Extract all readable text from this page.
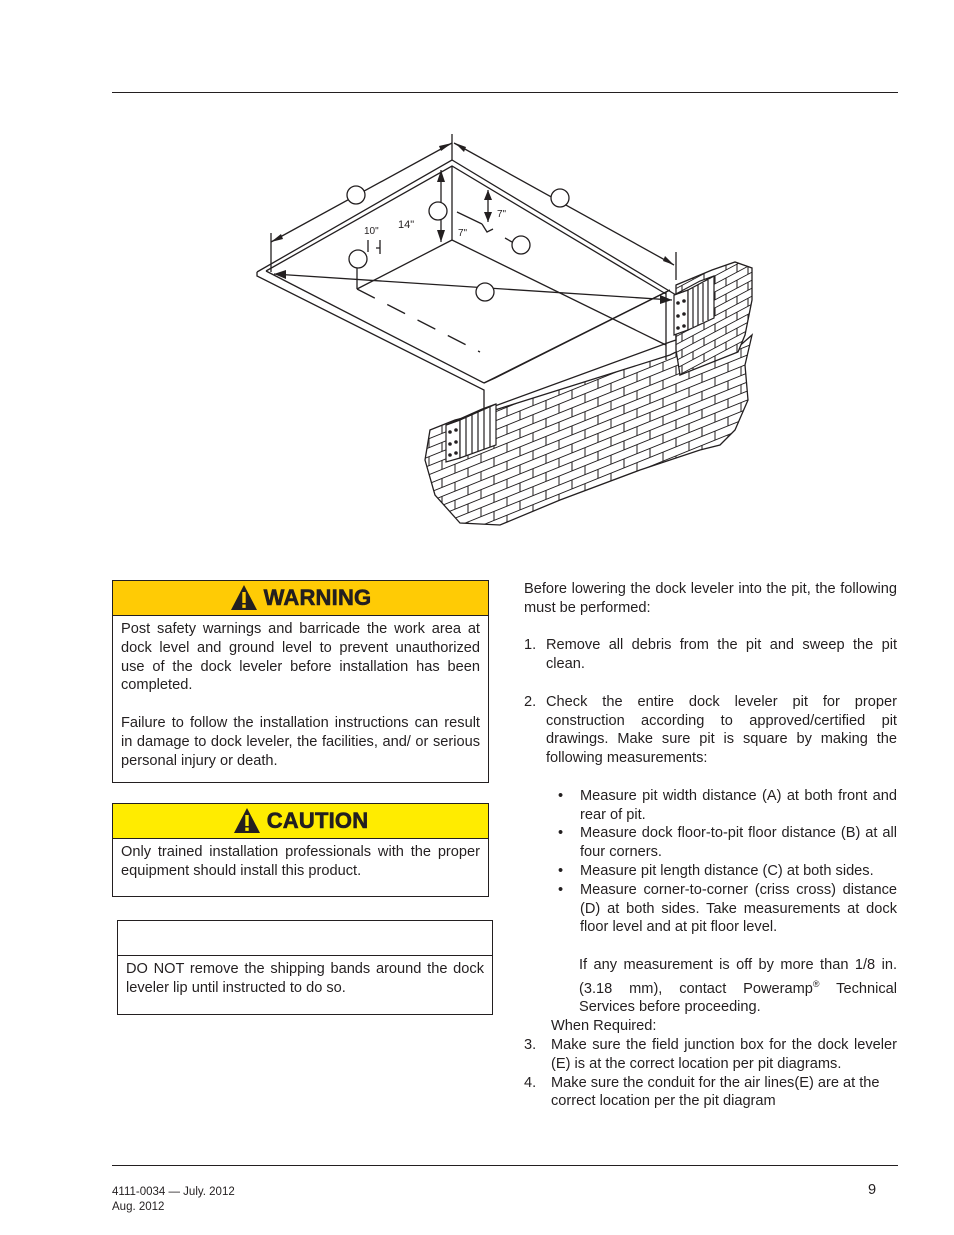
7"
7"
10"
14"
WARNING

Post safety warnings and barricade the work area at dock level and ground level to prevent unauthorized use of the dock leveler before installation has been completed.

Failure to follow the installation instructions can result in damage to dock leveler, the facilities, and/ or serious personal injury or death.

CAUTION

Only trained installation professionals with the proper equipment should install this product.

DO NOT remove the shipping bands around the dock leveler lip until instructed to do so.

Before lowering the dock leveler into the pit, the following must be performed:

1. Remove all debris from the pit and sweep the pit clean.
2. Check the entire dock leveler pit for proper construction according to approved/certified pit drawings. Make sure pit is square by making the following measurements:
•	Measure pit width distance (A) at both front and rear of pit.
•	Measure dock floor-to-pit floor distance (B) at all four corners.
•	Measure pit length distance (C) at both sides.
•	Measure corner-to-corner (criss cross) distance (D) at both sides. Take measurements at dock floor level and at pit floor level.

If any measurement is off by more than 1/8 in. (3.18 mm), contact Poweramp® Technical Services before proceeding.

When Required:

3.	Make sure the field junction box for the dock leveler (E) is at the correct location per pit diagrams.
4.	Make sure the conduit for the air lines(E) are at the correct location per the pit diagram
4111-0034 — July. 2012
Aug. 2012
9
